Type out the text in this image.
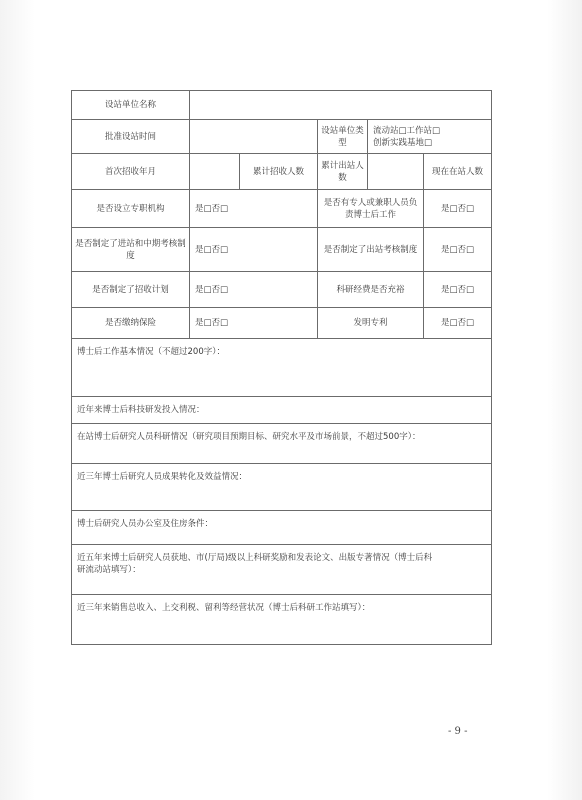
设站单位名称					
批准设站时间			设站单位类型	流动站□工作站□
创新实践基地□	
首次招收年月		累计招收人数	累计出站人数		现在在站人数
是否设立专职机构	是□否□		是否有专人或兼职人员负责博士后工作		是□否□
是否制定了进站和中期考核制度	是□否□		是否制定了出站考核制度		是□否□
是否制定了招收计划	是□否□		科研经费是否充裕		是□否□
是否缴纳保险	是□否□		发明专利		是□否□
博士后工作基本情况（不超过200字）：					
近年来博士后科技研发投入情况：					
在站博士后研究人员科研情况（研究项目预期目标、研究水平及市场前景，不超过500字）：					
近三年博士后研究人员成果转化及效益情况：					
博士后研究人员办公室及住房条件：					
近五年来博士后研究人员获地、市(厅局)级以上科研奖励和发表论文、出版专著情况（博士后科
研流动站填写）：					
近三年来销售总收入、上交利税、留利等经营状况（博士后科研工作站填写）：					
- 9 -
